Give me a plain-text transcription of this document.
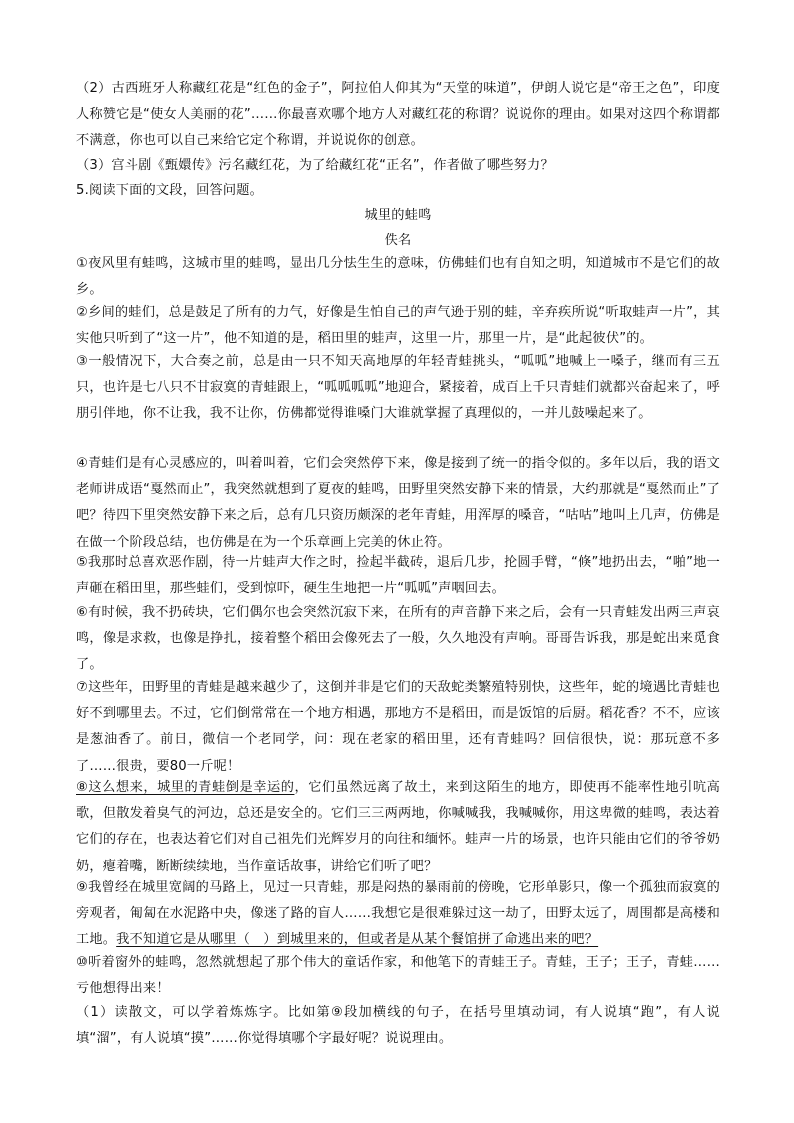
（2）古西班牙人称藏红花是“红色的金子”，阿拉伯人仰其为“天堂的味道”，伊朗人说它是“帝王之色”，印度人称赞它是“使女人美丽的花”……你最喜欢哪个地方人对藏红花的称谓？说说你的理由。如果对这四个称谓都不满意，你也可以自己来给它定个称谓，并说说你的创意。

（3）宫斗剧《甄嬛传》污名藏红花，为了给藏红花“正名”，作者做了哪些努力？

5.阅读下面的文段，回答问题。

城里的蛙鸣

佚名

①夜风里有蛙鸣，这城市里的蛙鸣，显出几分怯生生的意味，仿佛蛙们也有自知之明，知道城市不是它们的故乡。

②乡间的蛙们，总是鼓足了所有的力气，好像是生怕自己的声气逊于别的蛙，辛弃疾所说“听取蛙声一片”，其实他只听到了“这一片”，他不知道的是，稻田里的蛙声，这里一片，那里一片，是“此起彼伏”的。

③一般情况下，大合奏之前，总是由一只不知天高地厚的年轻青蛙挑头，“呱呱”地喊上一嗓子，继而有三五只，也许是七八只不甘寂寞的青蛙跟上，“呱呱呱呱”地迎合，紧接着，成百上千只青蛙们就都兴奋起来了，呼朋引伴地，你不让我，我不让你，仿佛都觉得谁嗓门大谁就掌握了真理似的，一并儿鼓噪起来了。

④青蛙们是有心灵感应的，叫着叫着，它们会突然停下来，像是接到了统一的指令似的。多年以后，我的语文老师讲成语“戛然而止”，我突然就想到了夏夜的蛙鸣，田野里突然安静下来的情景，大约那就是“戛然而止”了吧？待四下里突然安静下来之后，总有几只资历颇深的老年青蛙，用浑厚的嗓音，“咕咕”地叫上几声，仿佛是在做一个阶段总结，也仿佛是在为一个乐章画上完美的休止符。

⑤我那时总喜欢恶作剧，待一片蛙声大作之时，捡起半截砖，退后几步，抡圆手臂，“倏”地扔出去，“啪”地一声砸在稻田里，那些蛙们，受到惊吓，硬生生地把一片“呱呱”声咽回去。

⑥有时候，我不扔砖块，它们偶尔也会突然沉寂下来，在所有的声音静下来之后，会有一只青蛙发出两三声哀鸣，像是求救，也像是挣扎，接着整个稻田会像死去了一般，久久地没有声响。哥哥告诉我，那是蛇出来觅食了。

⑦这些年，田野里的青蛙是越来越少了，这倒并非是它们的天敌蛇类繁殖特别快，这些年，蛇的境遇比青蛙也好不到哪里去。不过，它们倒常常在一个地方相遇，那地方不是稻田，而是饭馆的后厨。稻花香？不不，应该是葱油香了。前日，微信一个老同学，问：现在老家的稻田里，还有青蛙吗？回信很快，说：那玩意不多了……很贵，要80一斤呢！

⑧这么想来，城里的青蛙倒是幸运的，它们虽然远离了故土，来到这陌生的地方，即使再不能率性地引吭高歌，但散发着臭气的河边，总还是安全的。它们三三两两地，你喊喊我，我喊喊你，用这卑微的蛙鸣，表达着它们的存在，也表达着它们对自己祖先们光辉岁月的向往和缅怀。蛙声一片的场景，也许只能由它们的爷爷奶奶，瘪着嘴，断断续续地，当作童话故事，讲给它们听了吧？

⑨我曾经在城里宽阔的马路上，见过一只青蛙，那是闷热的暴雨前的傍晚，它形单影只，像一个孤独而寂寞的旁观者，匍匐在水泥路中央，像迷了路的盲人……我想它是很难躲过这一劫了，田野太远了，周围都是高楼和工地。我不知道它是从哪里（　）到城里来的，但或者是从某个餐馆拼了命逃出来的吧？

⑩听着窗外的蛙鸣，忽然就想起了那个伟大的童话作家，和他笔下的青蛙王子。青蛙，王子；王子，青蛙……亏他想得出来！

（1）读散文，可以学着炼炼字。比如第⑨段加横线的句子，在括号里填动词，有人说填“跑”，有人说填“溜”，有人说填“摸”……你觉得填哪个字最好呢？说说理由。
